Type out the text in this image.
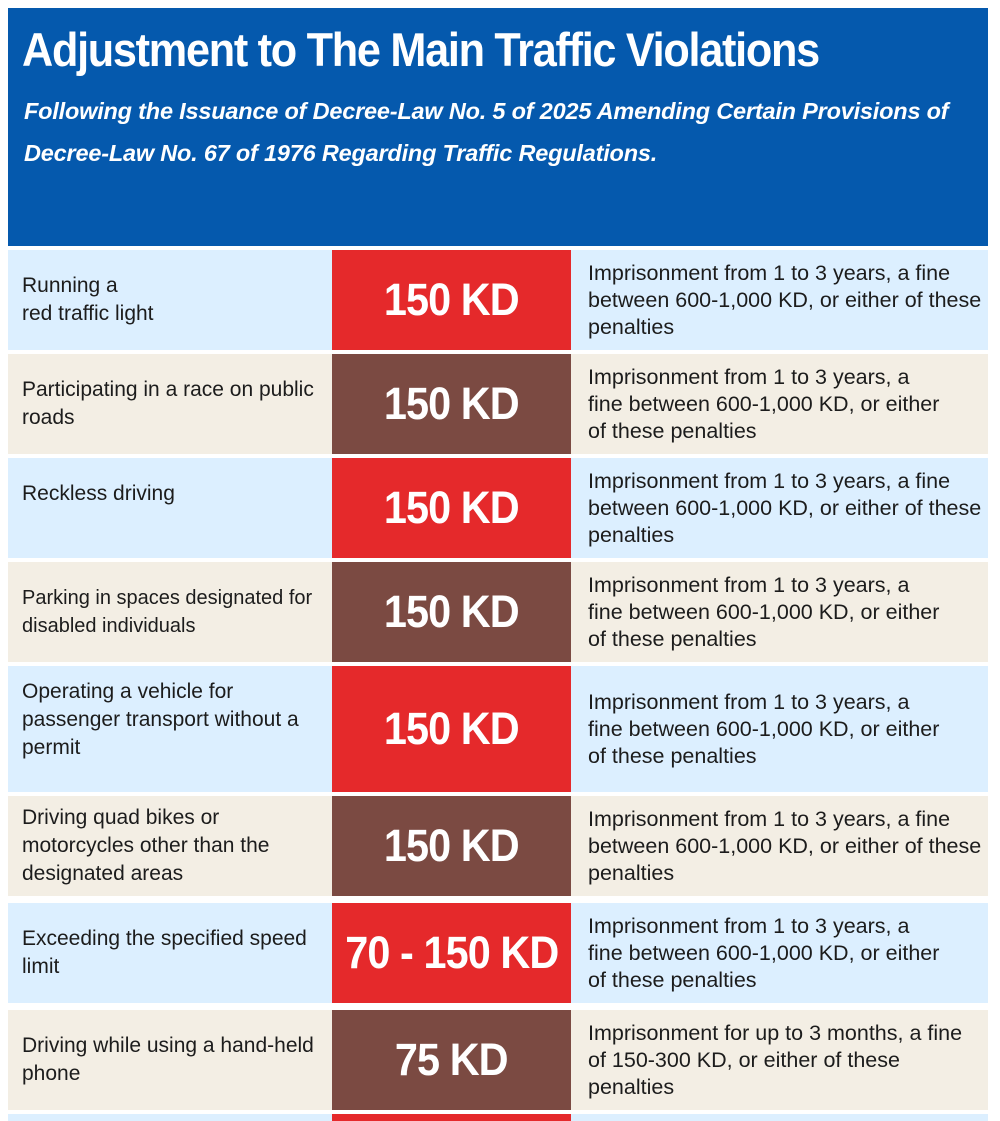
Adjustment to The Main Traffic Violations
Following the Issuance of Decree-Law No. 5 of 2025 Amending Certain Provisions of
Decree-Law No. 67 of 1976 Regarding Traffic Regulations.
Running a
red traffic light	150 KD
Imprisonment from 1 to 3 years, a fine between 600-1,000 KD, or either of these penalties
Participating in a race on public roads	150 KD
Imprisonment from 1 to 3 years, a fine between 600-1,000 KD, or either of these penalties
Reckless driving	150 KD
Imprisonment from 1 to 3 years, a fine between 600-1,000 KD, or either of these penalties
Parking in spaces designated for disabled individuals	150 KD
Imprisonment from 1 to 3 years, a fine between 600-1,000 KD, or either of these penalties
Operating a vehicle for passenger transport without a permit	150 KD
Imprisonment from 1 to 3 years, a fine between 600-1,000 KD, or either of these penalties
Driving quad bikes or motorcycles other than the designated areas
150 KD
Imprisonment from 1 to 3 years, a fine between 600-1,000 KD, or either of these penalties
Exceeding the specified speed limit	70 - 150 KD
Imprisonment from 1 to 3 years, a fine between 600-1,000 KD, or either of these penalties
Driving while using a hand-held phone	75 KD
Imprisonment for up to 3 months, a fine of 150-300 KD, or either of these penalties
